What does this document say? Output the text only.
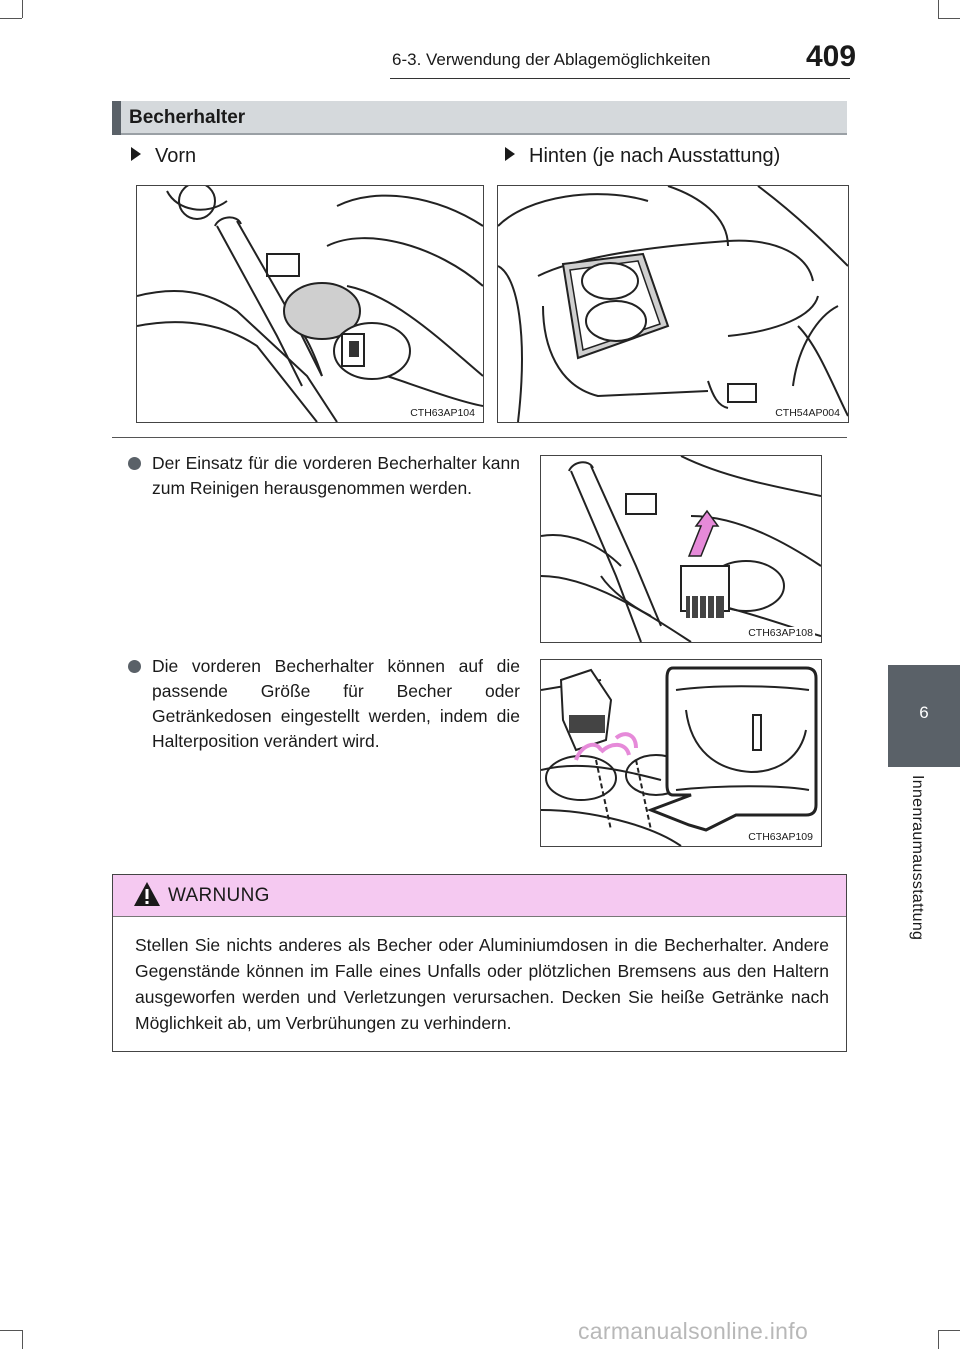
6-3. Verwendung der Ablagemöglichkeiten	409
6
Innenraumausstattung
Becherhalter
Vorn	Hinten (je nach Ausstattung)
CTH63AP104	CTH54AP004
Der Einsatz für die vorderen Becherhalter kann zum Reinigen herausgenommen werden.
CTH63AP108
Die vorderen Becherhalter können auf die passende Größe für Becher oder Getränkedosen eingestellt werden, indem die Halterposition verändert wird.
CTH63AP109
WARNUNG
Stellen Sie nichts anderes als Becher oder Aluminiumdosen in die Becherhalter. Andere Gegenstände können im Falle eines Unfalls oder plötzlichen Bremsens aus den Haltern ausgeworfen werden und Verletzungen verursachen. Decken Sie heiße Getränke nach Möglichkeit ab, um Verbrühungen zu verhindern.
carmanualsonline.info
